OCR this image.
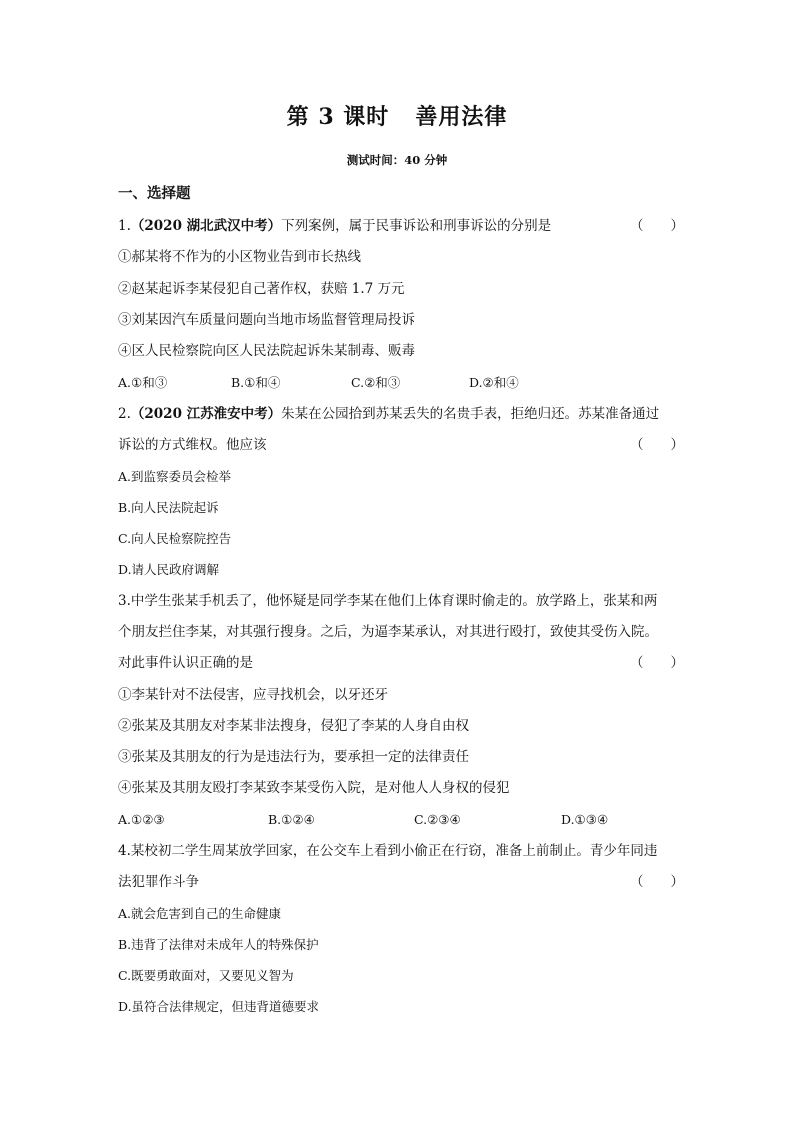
第 3 课时 善用法律
测试时间：40 分钟
一、选择题
1.（2020 湖北武汉中考）下列案例，属于民事诉讼和刑事诉讼的分别是	（　　）
①郝某将不作为的小区物业告到市长热线
②赵某起诉李某侵犯自己著作权，获赔 1.7 万元
③刘某因汽车质量问题向当地市场监督管理局投诉
④区人民检察院向区人民法院起诉朱某制毒、贩毒
A.①和③	B.①和④	C.②和③	D.②和④
2.（2020 江苏淮安中考）朱某在公园拾到苏某丢失的名贵手表，拒绝归还。苏某准备通过
诉讼的方式维权。他应该	（　　）
A.到监察委员会检举
B.向人民法院起诉
C.向人民检察院控告
D.请人民政府调解
3.中学生张某手机丢了，他怀疑是同学李某在他们上体育课时偷走的。放学路上，张某和两
个朋友拦住李某，对其强行搜身。之后，为逼李某承认，对其进行殴打，致使其受伤入院。
对此事件认识正确的是	（　　）
①李某针对不法侵害，应寻找机会，以牙还牙
②张某及其朋友对李某非法搜身，侵犯了李某的人身自由权
③张某及其朋友的行为是违法行为，要承担一定的法律责任
④张某及其朋友殴打李某致李某受伤入院，是对他人人身权的侵犯
A.①②③	B.①②④	C.②③④	D.①③④
4.某校初二学生周某放学回家，在公交车上看到小偷正在行窃，准备上前制止。青少年同违
法犯罪作斗争	（　　）
A.就会危害到自己的生命健康
B.违背了法律对未成年人的特殊保护
C.既要勇敢面对，又要见义智为
D.虽符合法律规定，但违背道德要求
